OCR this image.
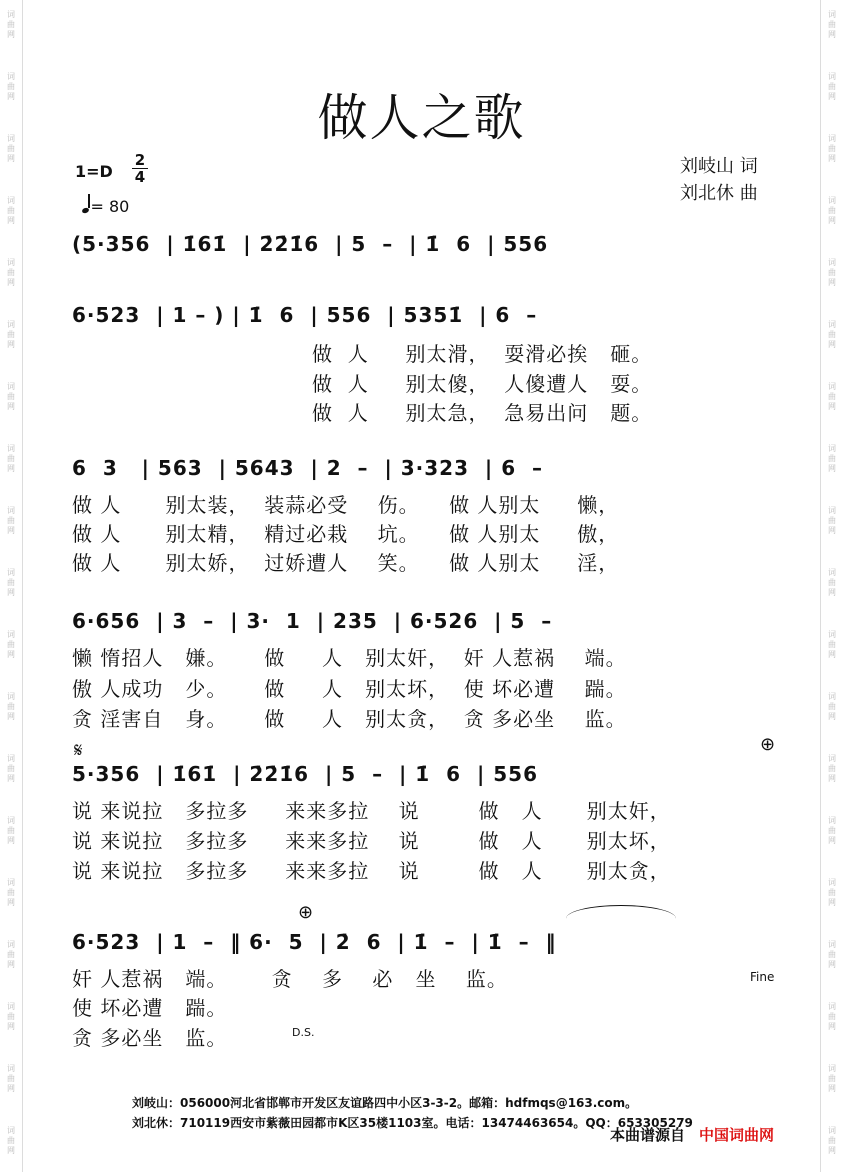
词
曲
网
词
曲
网
词
曲
网
词
曲
网
词
曲
网
词
曲
网
词
曲
网
词
曲
网
词
曲
网
词
曲
网
词
曲
网
词
曲
网
词
曲
网
词
曲
网
词
曲
网
词
曲
网
词
曲
网
词
曲
网
词
曲
网
词
曲
网
词
曲
网
词
曲
网
词
曲
网
词
曲
网
词
曲
网
词
曲
网
词
曲
网
词
曲
网
词
曲
网
词
曲
网
词
曲
网
词
曲
网
词
曲
网
词
曲
网
词
曲
网
词
曲
网
词
曲
网
词
曲
网
做人之歌
1=D
2
4
= 80
刘岐山 词
刘北休 曲
(5·356  | 1̇61̇  | 2̇2̇1̇6  | 5  –  | 1̇  6  | 556
6·523  | 1 – ) | 1̇  6  | 556  | 5351̇  | 6  –
做  人     别太滑，  耍滑必挨   砸。
做  人     别太傻，  人傻遭人   耍。
做  人     别太急，  急易出问   题。
6  3   | 563  | 5643  | 2  –  | 3·323  | 6  –
做 人      别太装，  装蒜必受    伤。    做 人别太     懒，
做 人      别太精，  精过必栽    坑。    做 人别太     傲，
做 人      别太娇，  过娇遭人    笑。    做 人别太     淫，
6·656  | 3  –  | 3·  1  | 235  | 6·526  | 5  –
懒 惰招人   嫌。     做     人   别太奸，  奸 人惹祸    端。
傲 人成功   少。     做     人   别太坏，  使 坏必遭    踹。
贪 淫害自   身。     做     人   别太贪，  贪 多必坐    监。
𝄋	⊕
5·356  | 1̇61̇  | 2̇2̇1̇6  | 5  –  | 1̇  6  | 556
说 来说拉   多拉多     来来多拉    说        做   人      别太奸，
说 来说拉   多拉多     来来多拉    说        做   人      别太坏，
说 来说拉   多拉多     来来多拉    说        做   人      别太贪，
⊕
6·523  | 1  –  ‖ 6·  5  | 2̇  6  | 1̇  –  | 1̇  –  ‖
奸 人惹祸   端。      贪    多    必   坐    监。
使 坏必遭   踹。
贪 多必坐   监。
Fine
D.S.
刘岐山：056000河北省邯郸市开发区友谊路四中小区3-3-2。邮箱：hdfmqs@163.com。
刘北休：710119西安市紫薇田园都市K区35楼1103室。电话：13474463654。QQ：653305279
本曲谱源自 中国词曲网
